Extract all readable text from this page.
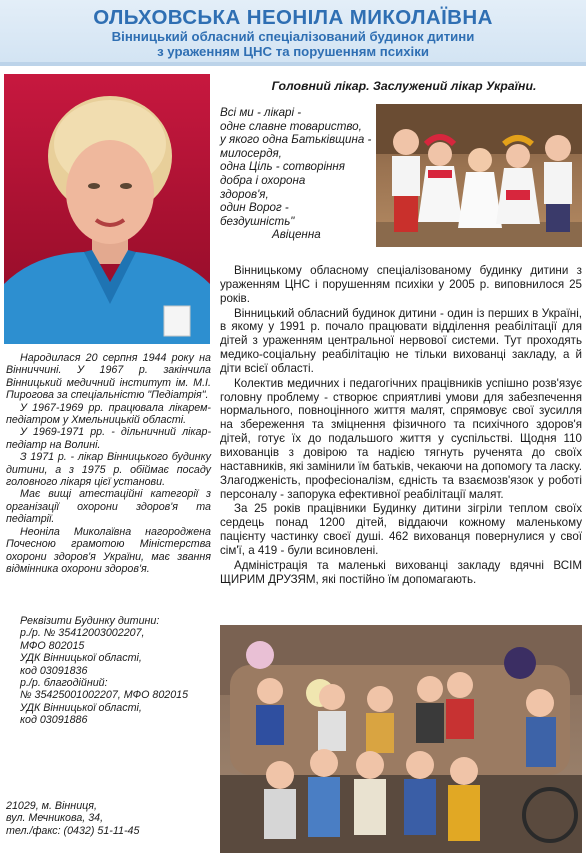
ОЛЬХОВСЬКА НЕОНІЛА МИКОЛАЇВНА
Вінницький обласний спеціалізований будинок дитини
з ураженням ЦНС та порушенням психіки

Народилася 20 серпня 1944 року на Вінниччині. У 1967 р. закінчила Вінницький медичний інститут ім. М.І. Пирогова за спеціальністю "Педіатрія".

У 1967-1969 рр. працювала лікарем-педіатром у Хмельницькій області.

У 1969-1971 рр. - дільничний лікар-педіатр на Волині.

З 1971 р. - лікар Вінницького будинку дитини, а з 1975 р. обіймає посаду головного лікаря цієї установи.

Має вищі атестаційні категорії з організації охорони здоров'я та педіатрії.

Неоніла Миколаївна нагороджена Почесною грамотою Міністерства охорони здоров'я України, має звання відмінника охорони здоров'я.

Реквізити Будинку дитини:

р./р. № 35412003002207,

МФО 802015

УДК Вінницької області,

код 03091836

р./р. благодійний:

№ 35425001002207, МФО 802015

УДК Вінницької області,

код 03091886

21029, м. Вінниця,

вул. Мечникова, 34,

тел./факс: (0432) 51-11-45

Головний лікар. Заслужений лікар України.
Всі ми - лікарі -
одне славне товариство,
у якого одна Батьківщина -
милосердя,
одна Ціль - сотворіння
добра і охорона
здоров'я,
один Ворог -
бездушність"
Авіценна

Вінницькому обласному спеціалізованому будинку дитини з ураженням ЦНС і порушенням психіки у 2005 р. виповнилося 25 років.

Вінницький обласний будинок дитини - один із перших в Україні, в якому у 1991 р. почало працювати відділення реабілітації для дітей з ураженням центральної нервової системи. Тут проходять медико-соціальну реабілітацію не тільки вихованці закладу, а й діти всієї області.

Колектив медичних і педагогічних працівників успішно розв'язує головну проблему - створює сприятливі умови для забезпечення нормального, повноцінного життя малят, спрямовує свої зусилля на збереження та зміцнення фізичного та психічного здоров'я дітей, готує їх до подальшого життя у суспільстві. Щодня 110 вихованців з довірою та надією тягнуть рученята до своїх наставників, які замінили їм батьків, чекаючи на допомогу та ласку. Злагодженість, професіоналізм, єдність та взаємозв'язок у роботі персоналу - запорука ефективної реабілітації малят.

За 25 років працівники Будинку дитини зігріли теплом своїх сердець понад 1200 дітей, віддаючи кожному маленькому пацієнту частинку своєї душі. 462 вихованця повернулися у свої сім'ї, а 419 - були всиновлені.

Адміністрація та маленькі вихованці закладу вдячні ВСІМ ЩИРИМ ДРУЗЯМ, які постійно їм допомагають.
